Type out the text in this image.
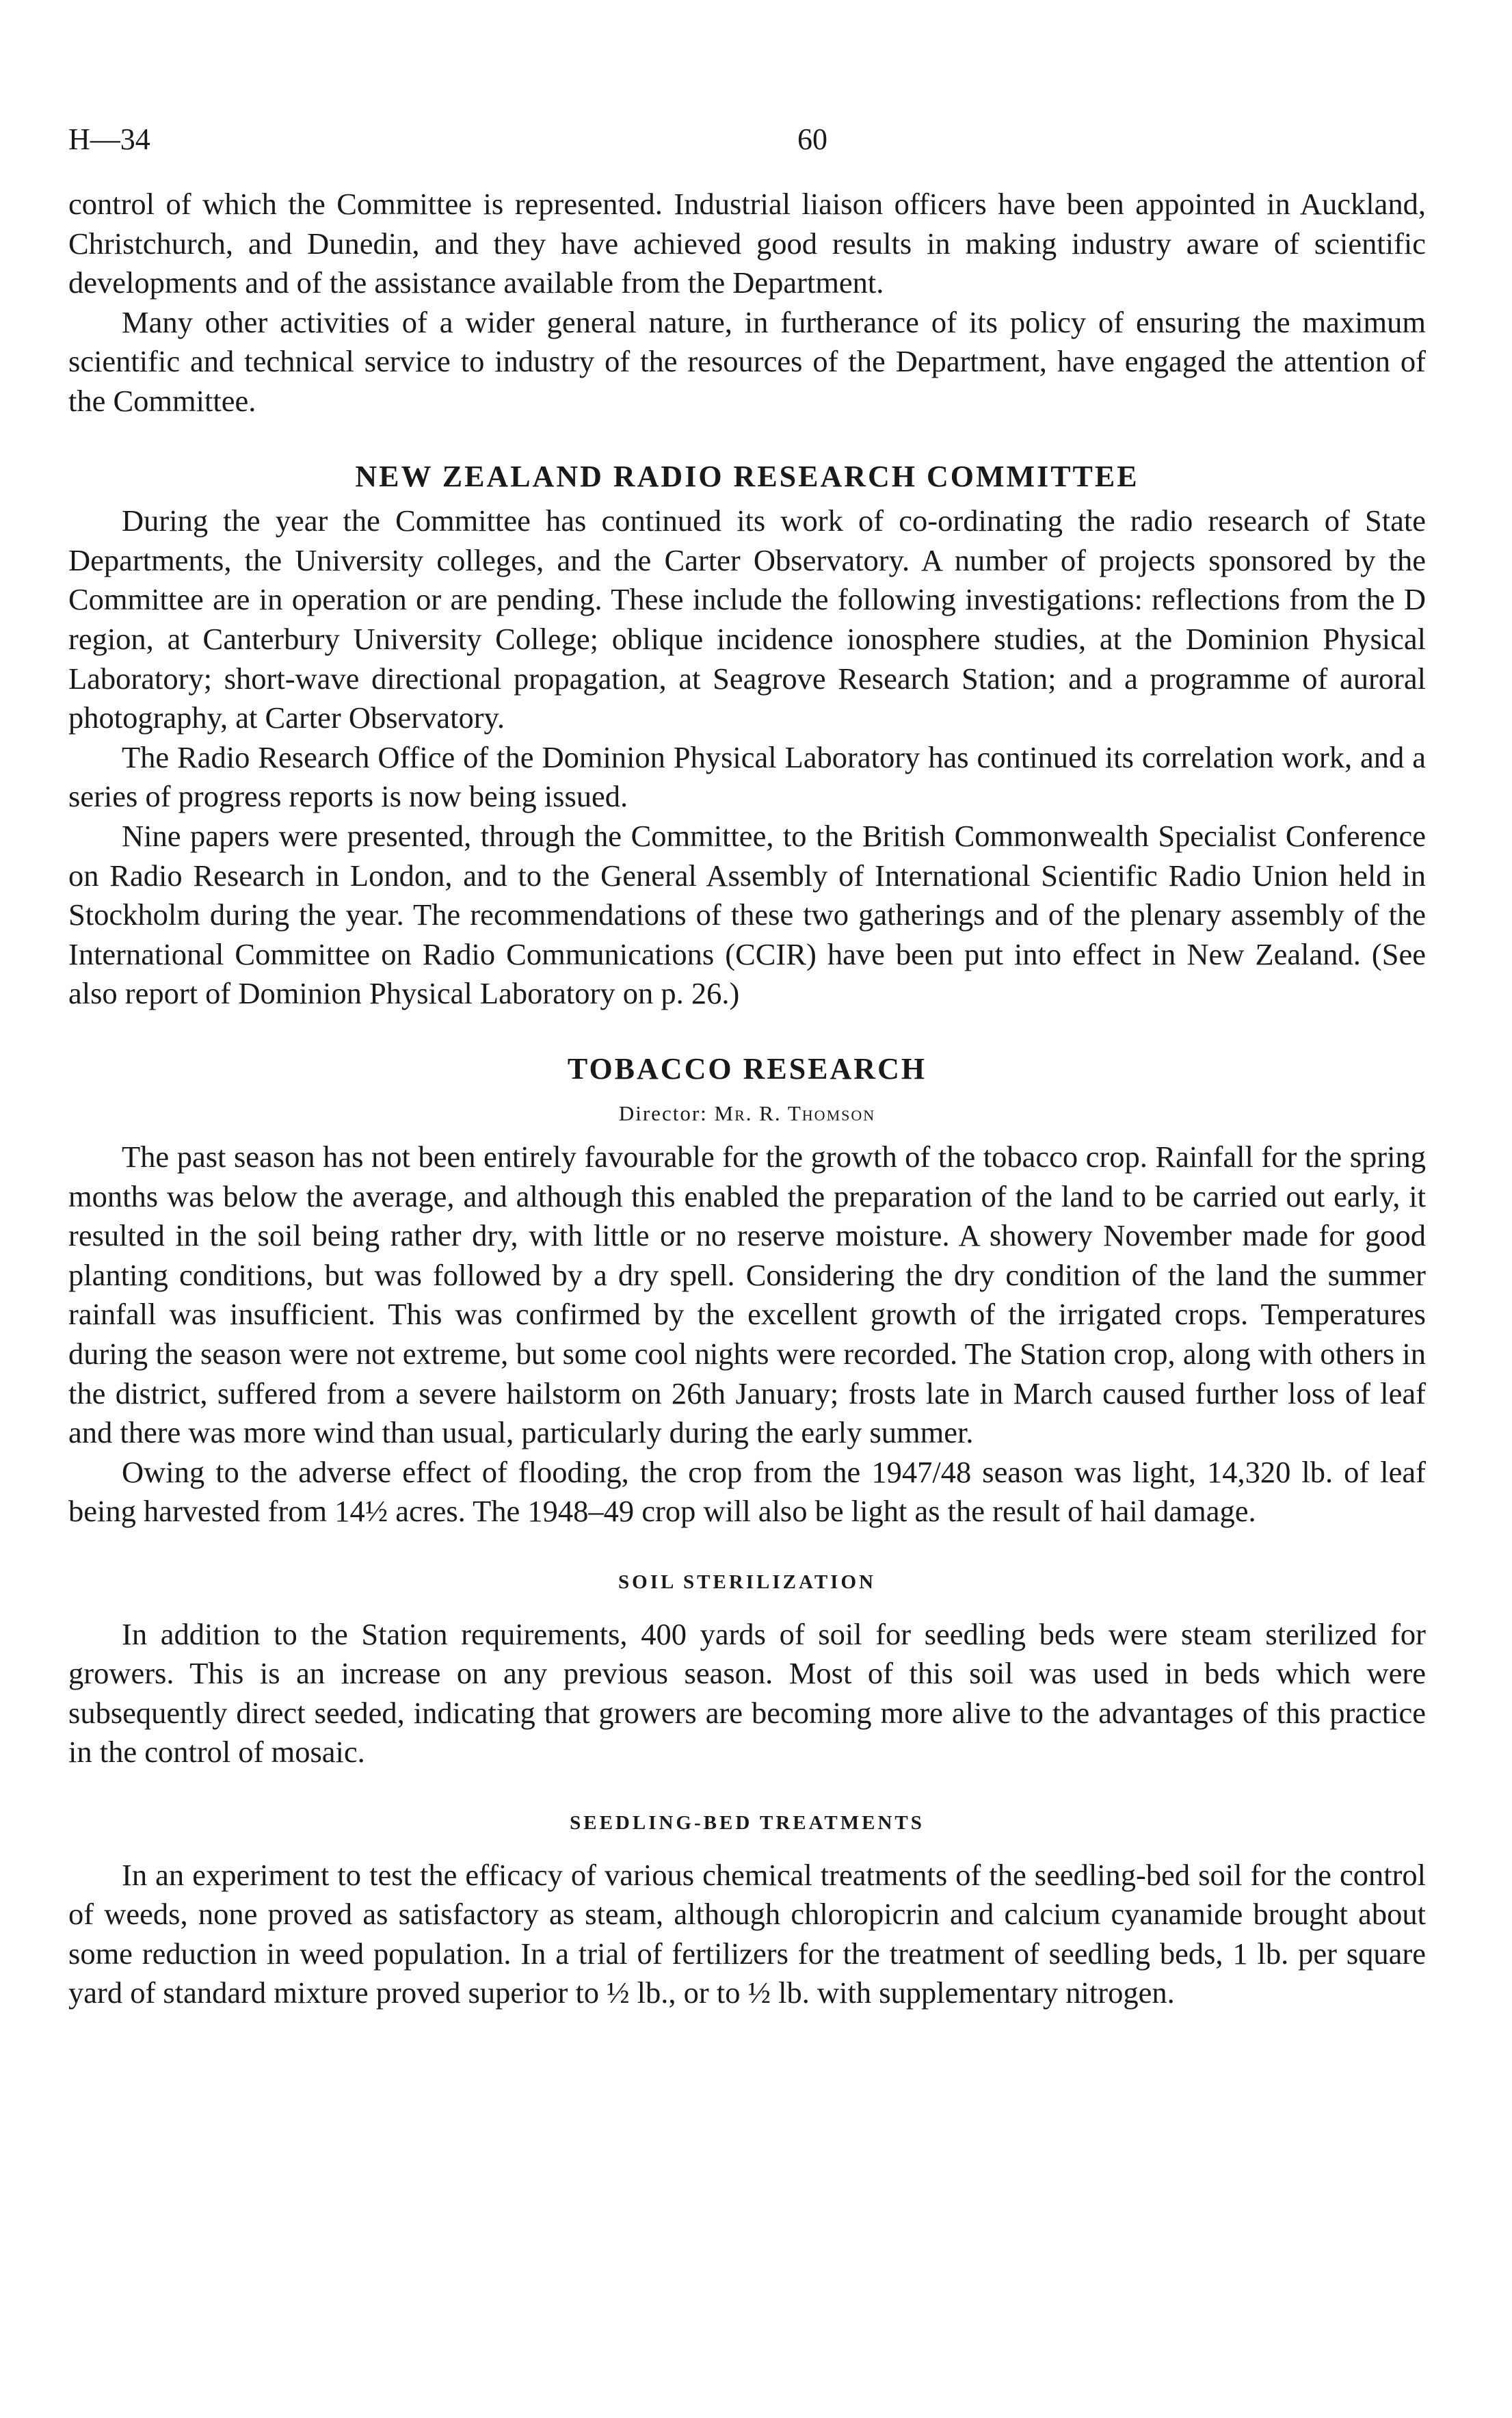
H—34	60

control of which the Committee is represented. Industrial liaison officers have been appointed in Auckland, Christchurch, and Dunedin, and they have achieved good results in making industry aware of scientific developments and of the assistance available from the Department.

Many other activities of a wider general nature, in furtherance of its policy of ensuring the maximum scientific and technical service to industry of the resources of the Department, have engaged the attention of the Committee.

NEW ZEALAND RADIO RESEARCH COMMITTEE

During the year the Committee has continued its work of co-ordinating the radio research of State Departments, the University colleges, and the Carter Observatory. A number of projects sponsored by the Committee are in operation or are pending. These include the following investigations: reflections from the D region, at Canterbury University College; oblique incidence ionosphere studies, at the Dominion Physical Laboratory; short-wave directional propagation, at Seagrove Research Station; and a programme of auroral photography, at Carter Observatory.

The Radio Research Office of the Dominion Physical Laboratory has continued its correlation work, and a series of progress reports is now being issued.

Nine papers were presented, through the Committee, to the British Commonwealth Specialist Conference on Radio Research in London, and to the General Assembly of International Scientific Radio Union held in Stockholm during the year. The recommendations of these two gatherings and of the plenary assembly of the International Committee on Radio Communications (CCIR) have been put into effect in New Zealand. (See also report of Dominion Physical Laboratory on p. 26.)

TOBACCO RESEARCH
Director: Mr. R. Thomson

The past season has not been entirely favourable for the growth of the tobacco crop. Rainfall for the spring months was below the average, and although this enabled the preparation of the land to be carried out early, it resulted in the soil being rather dry, with little or no reserve moisture. A showery November made for good planting conditions, but was followed by a dry spell. Considering the dry condition of the land the summer rainfall was insufficient. This was confirmed by the excellent growth of the irrigated crops. Temperatures during the season were not extreme, but some cool nights were recorded. The Station crop, along with others in the district, suffered from a severe hailstorm on 26th January; frosts late in March caused further loss of leaf and there was more wind than usual, particularly during the early summer.

Owing to the adverse effect of flooding, the crop from the 1947/48 season was light, 14,320 lb. of leaf being harvested from 14½ acres. The 1948–49 crop will also be light as the result of hail damage.

SOIL STERILIZATION

In addition to the Station requirements, 400 yards of soil for seedling beds were steam sterilized for growers. This is an increase on any previous season. Most of this soil was used in beds which were subsequently direct seeded, indicating that growers are becoming more alive to the advantages of this practice in the control of mosaic.

SEEDLING-BED TREATMENTS

In an experiment to test the efficacy of various chemical treatments of the seedling-bed soil for the control of weeds, none proved as satisfactory as steam, although chloropicrin and calcium cyanamide brought about some reduction in weed population. In a trial of fertilizers for the treatment of seedling beds, 1 lb. per square yard of standard mixture proved superior to ½ lb., or to ½ lb. with supplementary nitrogen.
